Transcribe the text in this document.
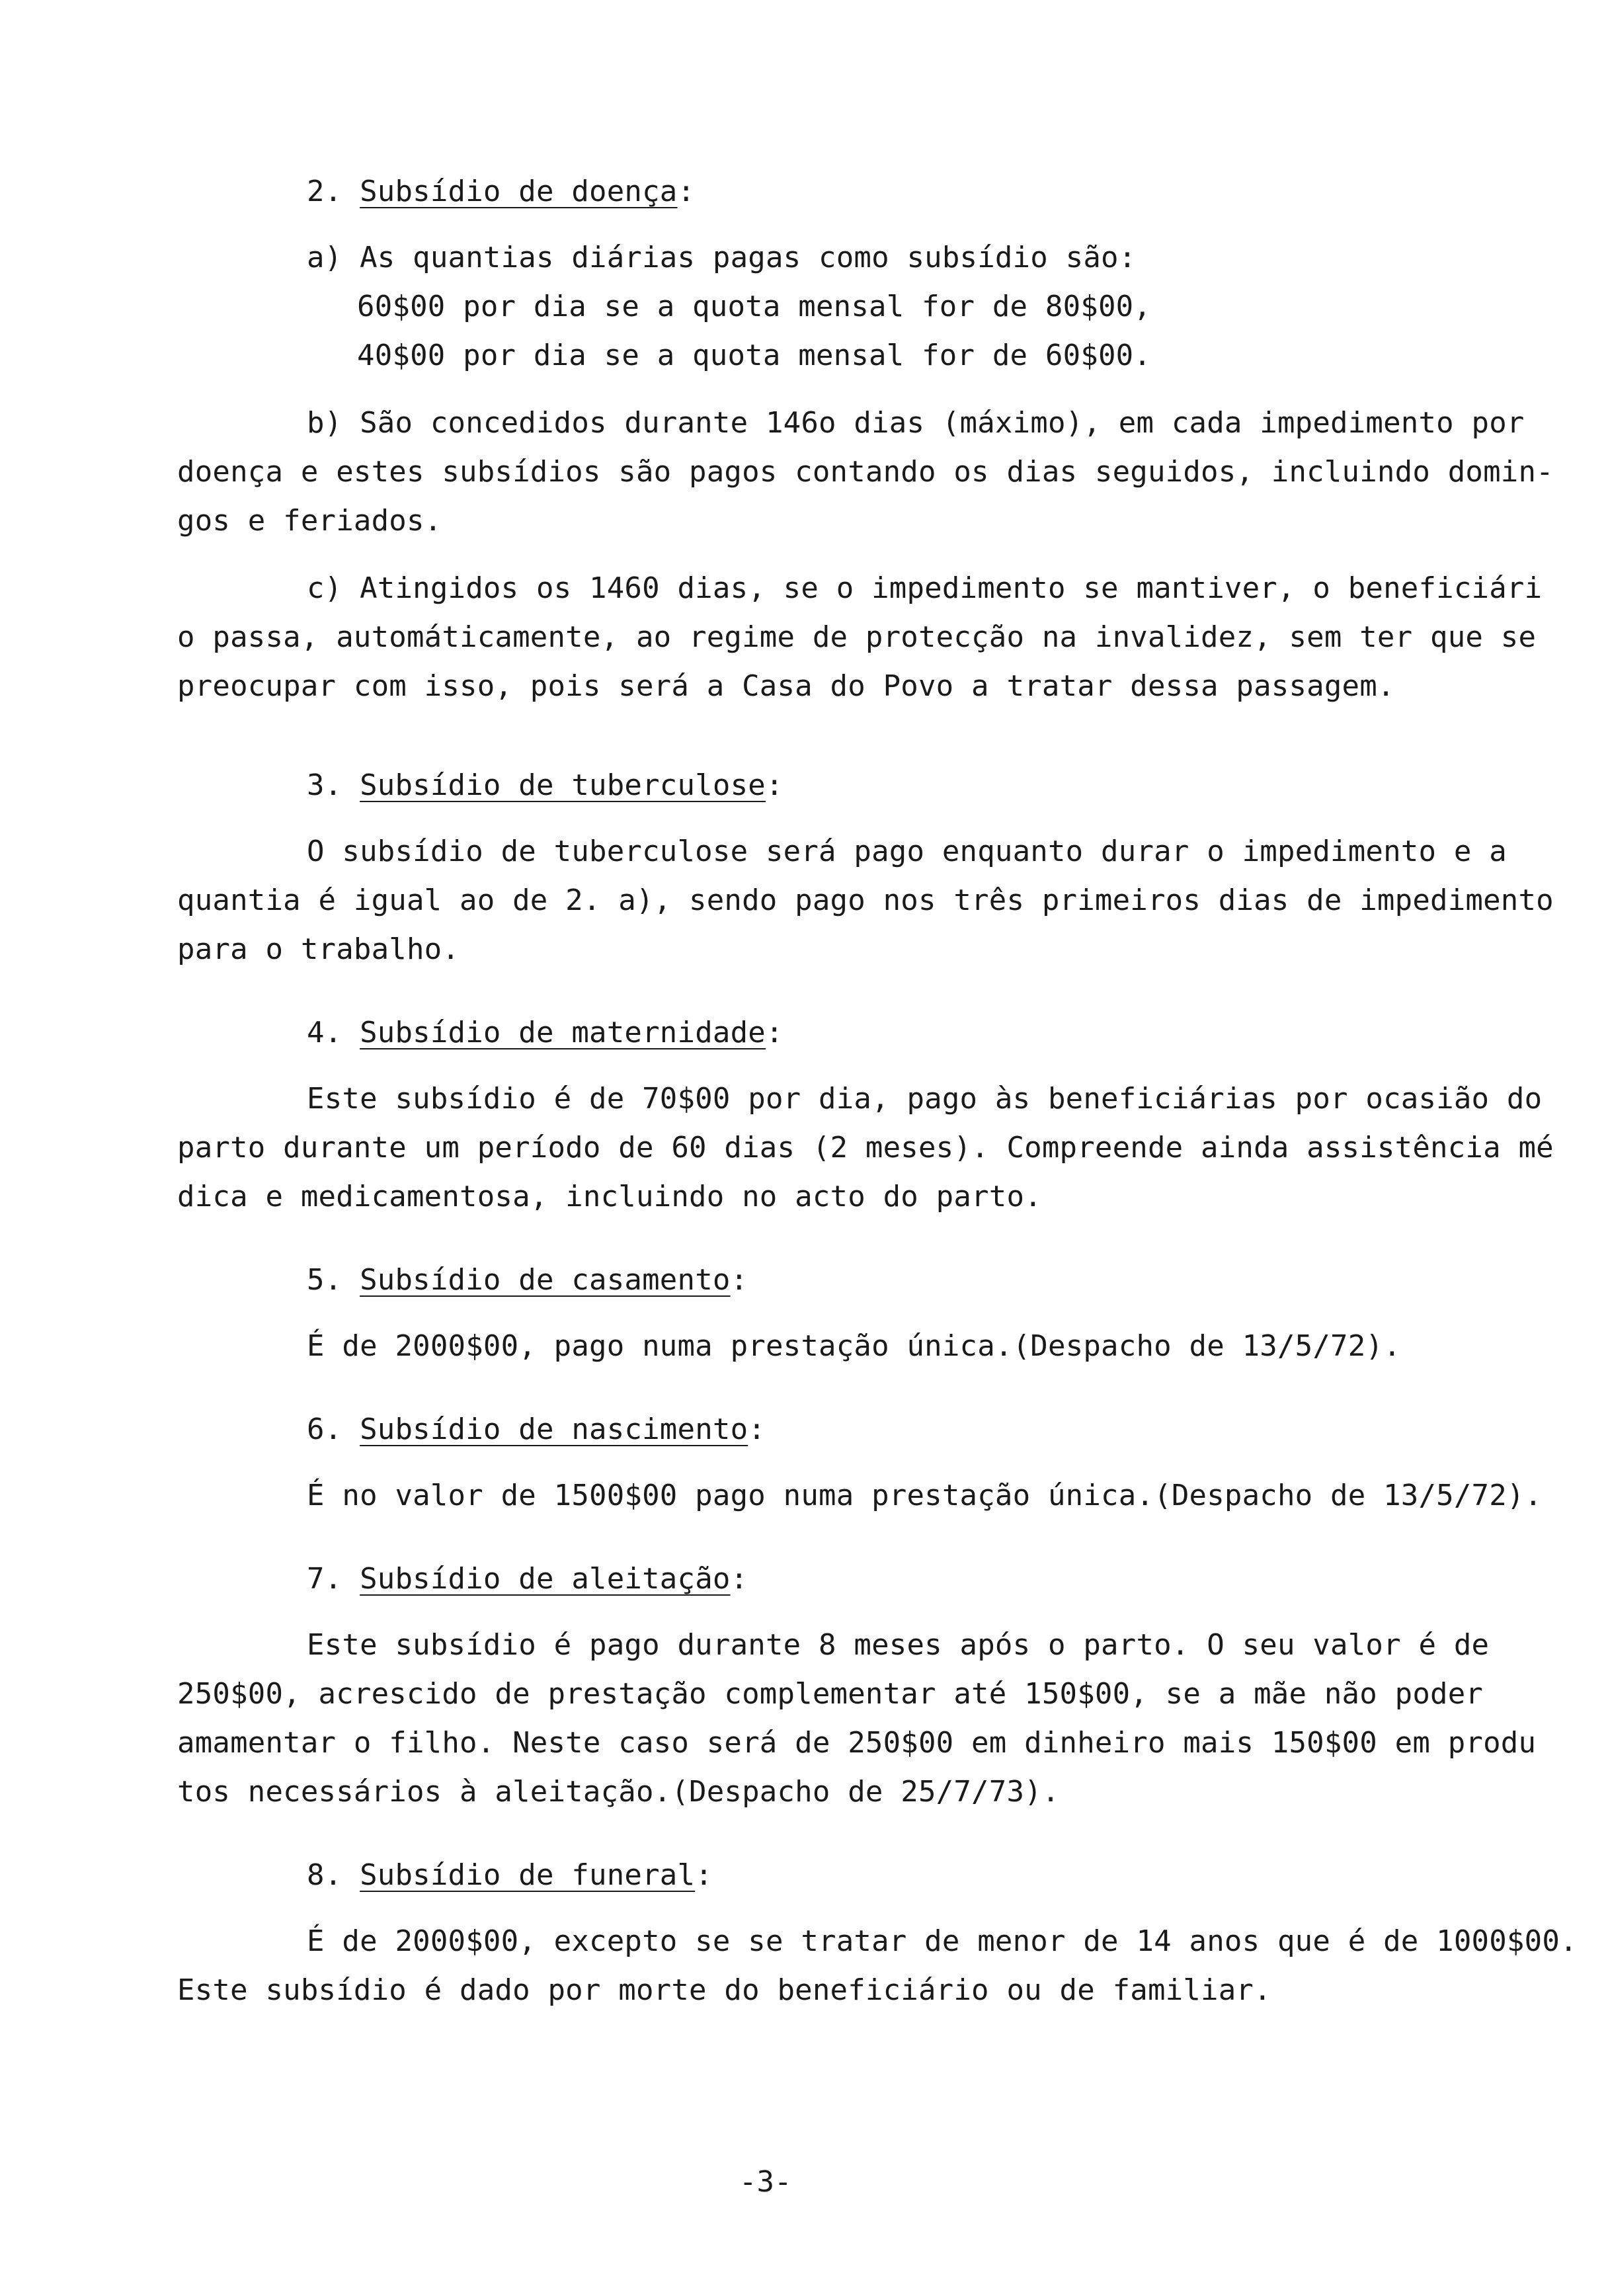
2. Subsídio de doença:
a) As quantias diárias pagas como subsídio são:
60$00 por dia se a quota mensal for de 80$00,
40$00 por dia se a quota mensal for de 60$00.
b) São concedidos durante 146o dias (máximo), em cada impedimento por
doença e estes subsídios são pagos contando os dias seguidos, incluindo domin-
gos e feriados.
c) Atingidos os 1460 dias, se o impedimento se mantiver, o beneficiári
o passa, automáticamente, ao regime de protecção na invalidez, sem ter que se
preocupar com isso, pois será a Casa do Povo a tratar dessa passagem.
3. Subsídio de tuberculose:
O subsídio de tuberculose será pago enquanto durar o impedimento e a
quantia é igual ao de 2. a), sendo pago nos três primeiros dias de impedimento
para o trabalho.
4. Subsídio de maternidade:
Este subsídio é de 70$00 por dia, pago às beneficiárias por ocasião do
parto durante um período de 60 dias (2 meses). Compreende ainda assistência mé
dica e medicamentosa, incluindo no acto do parto.
5. Subsídio de casamento:
É de 2000$00, pago numa prestação única.(Despacho de 13/5/72).
6. Subsídio de nascimento:
É no valor de 1500$00 pago numa prestação única.(Despacho de 13/5/72).
7. Subsídio de aleitação:
Este subsídio é pago durante 8 meses após o parto. O seu valor é de
250$00, acrescido de prestação complementar até 150$00, se a mãe não poder
amamentar o filho. Neste caso será de 250$00 em dinheiro mais 150$00 em produ
tos necessários à aleitação.(Despacho de 25/7/73).
8. Subsídio de funeral:
É de 2000$00, excepto se se tratar de menor de 14 anos que é de 1000$00.
Este subsídio é dado por morte do beneficiário ou de familiar.
-3-
